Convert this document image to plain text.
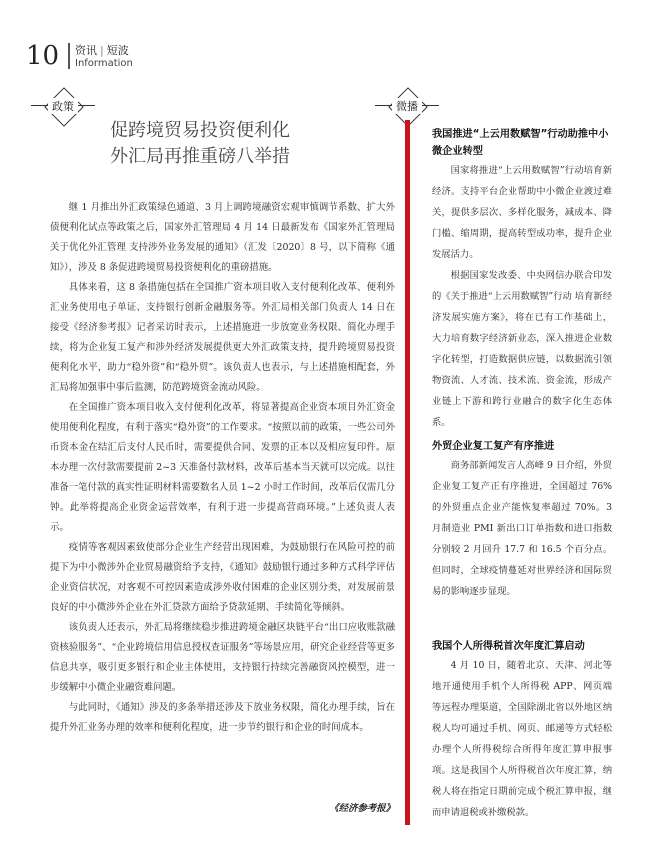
10 资讯 | 短波
Information
政策	微播
促跨境贸易投资便利化
外汇局再推重磅八举措

继 1 月推出外汇政策绿色通道、3 月上调跨境融资宏观审慎调节系数、扩大外债便利化试点等政策之后，国家外汇管理局 4 月 14 日最新发布《国家外汇管理局关于优化外汇管理 支持涉外业务发展的通知》（汇发〔2020〕8 号，以下简称《通知》），涉及 8 条促进跨境贸易投资便利化的重磅措施。

具体来看，这 8 条措施包括在全国推广资本项目收入支付便利化改革、便利外汇业务使用电子单证、支持银行创新金融服务等。外汇局相关部门负责人 14 日在接受《经济参考报》记者采访时表示，上述措施进一步放宽业务权限、简化办理手续，将为企业复工复产和涉外经济发展提供更大外汇政策支持，提升跨境贸易投资便利化水平，助力“稳外资”和“稳外贸”。该负责人也表示，与上述措施相配套，外汇局将加强事中事后监测，防范跨境资金流动风险。

在全国推广资本项目收入支付便利化改革，将显著提高企业资本项目外汇资金使用便利化程度，有利于落实“稳外资”的工作要求。“按照以前的政策，一些公司外币资本金在结汇后支付人民币时，需要提供合同、发票的正本以及相应复印件。原本办理一次付款需要提前 2~3 天准备付款材料，改革后基本当天就可以完成。以往准备一笔付款的真实性证明材料需要数名人员 1~2 小时工作时间，改革后仅需几分钟。此举将提高企业资金运营效率，有利于进一步提高营商环境。”上述负责人表示。

疫情等客观因素致使部分企业生产经营出现困难，为鼓励银行在风险可控的前提下为中小微涉外企业贸易融资给予支持，《通知》鼓励银行通过多种方式科学评估企业资信状况，对客观不可控因素造成涉外收付困难的企业区别分类，对发展前景良好的中小微涉外企业在外汇贷款方面给予贷款延期、手续简化等倾斜。

该负责人还表示，外汇局将继续稳步推进跨境金融区块链平台“出口应收账款融资核验服务”、“企业跨境信用信息授权查证服务”等场景应用，研究企业经营等更多信息共享，吸引更多银行和企业主体使用，支持银行持续完善融资风控模型，进一步缓解中小微企业融资难问题。

与此同时，《通知》涉及的多条举措还涉及下放业务权限，简化办理手续，旨在提升外汇业务办理的效率和便利化程度，进一步节约银行和企业的时间成本。

《经济参考报》

我国推进“上云用数赋智”行动助推中小微企业转型

国家将推进“上云用数赋智”行动培育新经济。支持平台企业帮助中小微企业渡过难关，提供多层次、多样化服务，减成本、降门槛、缩周期，提高转型成功率，提升企业发展活力。

根据国家发改委、中央网信办联合印发的《关于推进“上云用数赋智”行动 培育新经济发展实施方案》，将在已有工作基础上，大力培育数字经济新业态，深入推进企业数字化转型，打造数据供应链，以数据流引领物资流、人才流、技术流、资金流，形成产业链上下游和跨行业融合的数字化生态体系。

外贸企业复工复产有序推进

商务部新闻发言人高峰 9 日介绍，外贸企业复工复产正有序推进，全国超过 76% 的外贸重点企业产能恢复率超过 70%。3 月制造业 PMI 新出口订单指数和进口指数分别较 2 月回升 17.7 和 16.5 个百分点。但同时，全球疫情蔓延对世界经济和国际贸易的影响逐步显现。

我国个人所得税首次年度汇算启动

4 月 10 日，随着北京、天津、河北等地开通使用手机个人所得税 APP、网页端等远程办理渠道，全国除湖北省以外地区纳税人均可通过手机、网页、邮递等方式轻松办理个人所得税综合所得年度汇算申报事项。这是我国个人所得税首次年度汇算，纳税人将在指定日期前完成个税汇算申报，继而申请退税或补缴税款。
